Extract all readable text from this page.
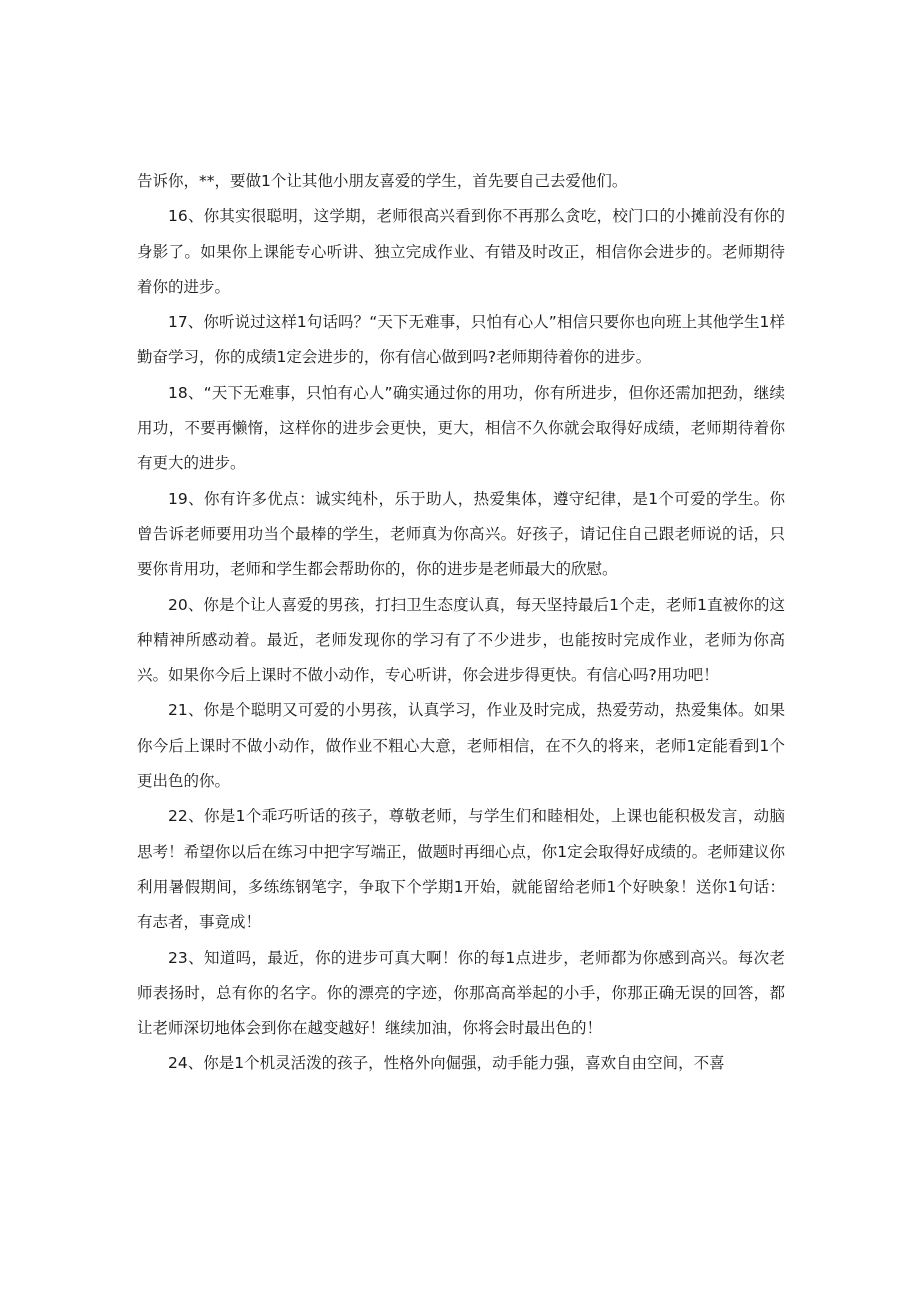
告诉你，**，要做1个让其他小朋友喜爱的学生，首先要自己去爱他们。

16、你其实很聪明，这学期，老师很高兴看到你不再那么贪吃，校门口的小摊前没有你的身影了。如果你上课能专心听讲、独立完成作业、有错及时改正，相信你会进步的。老师期待着你的进步。

17、你听说过这样1句话吗？“天下无难事，只怕有心人”相信只要你也向班上其他学生1样勤奋学习，你的成绩1定会进步的，你有信心做到吗?老师期待着你的进步。

18、“天下无难事，只怕有心人”确实通过你的用功，你有所进步，但你还需加把劲，继续用功，不要再懒惰，这样你的进步会更快，更大，相信不久你就会取得好成绩，老师期待着你有更大的进步。

19、你有许多优点：诚实纯朴，乐于助人，热爱集体，遵守纪律，是1个可爱的学生。你曾告诉老师要用功当个最棒的学生，老师真为你高兴。好孩子，请记住自己跟老师说的话，只要你肯用功，老师和学生都会帮助你的，你的进步是老师最大的欣慰。

20、你是个让人喜爱的男孩，打扫卫生态度认真，每天坚持最后1个走，老师1直被你的这种精神所感动着。最近，老师发现你的学习有了不少进步，也能按时完成作业，老师为你高兴。如果你今后上课时不做小动作，专心听讲，你会进步得更快。有信心吗?用功吧！

21、你是个聪明又可爱的小男孩，认真学习，作业及时完成，热爱劳动，热爱集体。如果你今后上课时不做小动作，做作业不粗心大意，老师相信，在不久的将来，老师1定能看到1个更出色的你。

22、你是1个乖巧听话的孩子，尊敬老师，与学生们和睦相处，上课也能积极发言，动脑思考！希望你以后在练习中把字写端正，做题时再细心点，你1定会取得好成绩的。老师建议你利用暑假期间，多练练钢笔字，争取下个学期1开始，就能留给老师1个好映象！送你1句话：有志者，事竟成！

23、知道吗，最近，你的进步可真大啊！你的每1点进步，老师都为你感到高兴。每次老师表扬时，总有你的名字。你的漂亮的字迹，你那高高举起的小手，你那正确无误的回答，都让老师深切地体会到你在越变越好！继续加油，你将会时最出色的！

24、你是1个机灵活泼的孩子，性格外向倔强，动手能力强，喜欢自由空间，不喜
